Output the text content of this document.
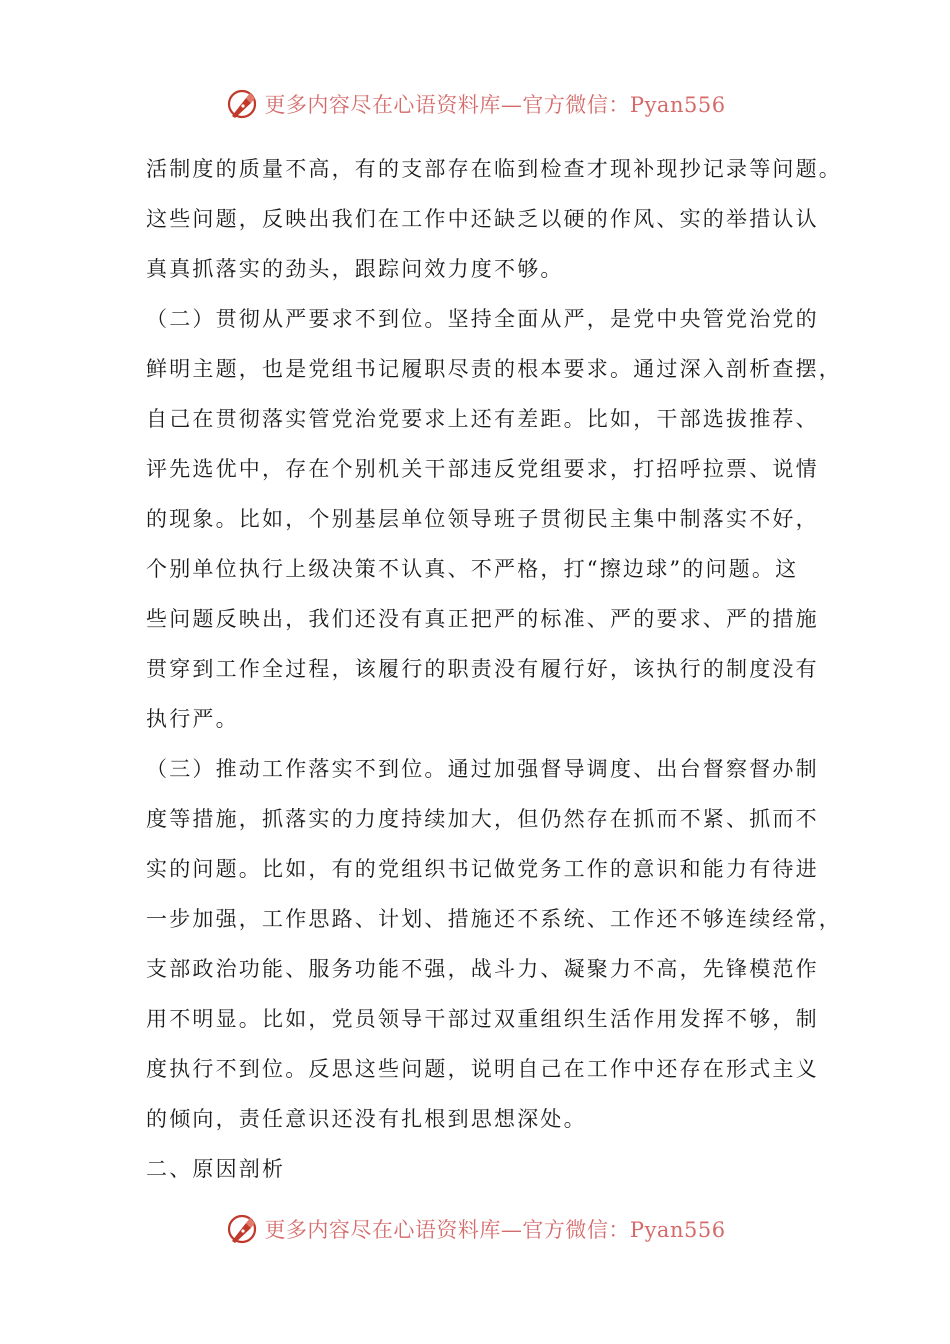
更多内容尽在心语资料库—官方微信：Pyan556
活制度的质量不高，有的支部存在临到检查才现补现抄记录等问题。
这些问题，反映出我们在工作中还缺乏以硬的作风、实的举措认认
真真抓落实的劲头，跟踪问效力度不够。
（二）贯彻从严要求不到位。坚持全面从严，是党中央管党治党的
鲜明主题，也是党组书记履职尽责的根本要求。通过深入剖析查摆，
自己在贯彻落实管党治党要求上还有差距。比如，干部选拔推荐、
评先选优中，存在个别机关干部违反党组要求，打招呼拉票、说情
的现象。比如，个别基层单位领导班子贯彻民主集中制落实不好，
个别单位执行上级决策不认真、不严格，打“擦边球”的问题。这
些问题反映出，我们还没有真正把严的标准、严的要求、严的措施
贯穿到工作全过程，该履行的职责没有履行好，该执行的制度没有
执行严。
（三）推动工作落实不到位。通过加强督导调度、出台督察督办制
度等措施，抓落实的力度持续加大，但仍然存在抓而不紧、抓而不
实的问题。比如，有的党组织书记做党务工作的意识和能力有待进
一步加强，工作思路、计划、措施还不系统、工作还不够连续经常，
支部政治功能、服务功能不强，战斗力、凝聚力不高，先锋模范作
用不明显。比如，党员领导干部过双重组织生活作用发挥不够，制
度执行不到位。反思这些问题，说明自己在工作中还存在形式主义
的倾向，责任意识还没有扎根到思想深处。
二、原因剖析
更多内容尽在心语资料库—官方微信：Pyan556
